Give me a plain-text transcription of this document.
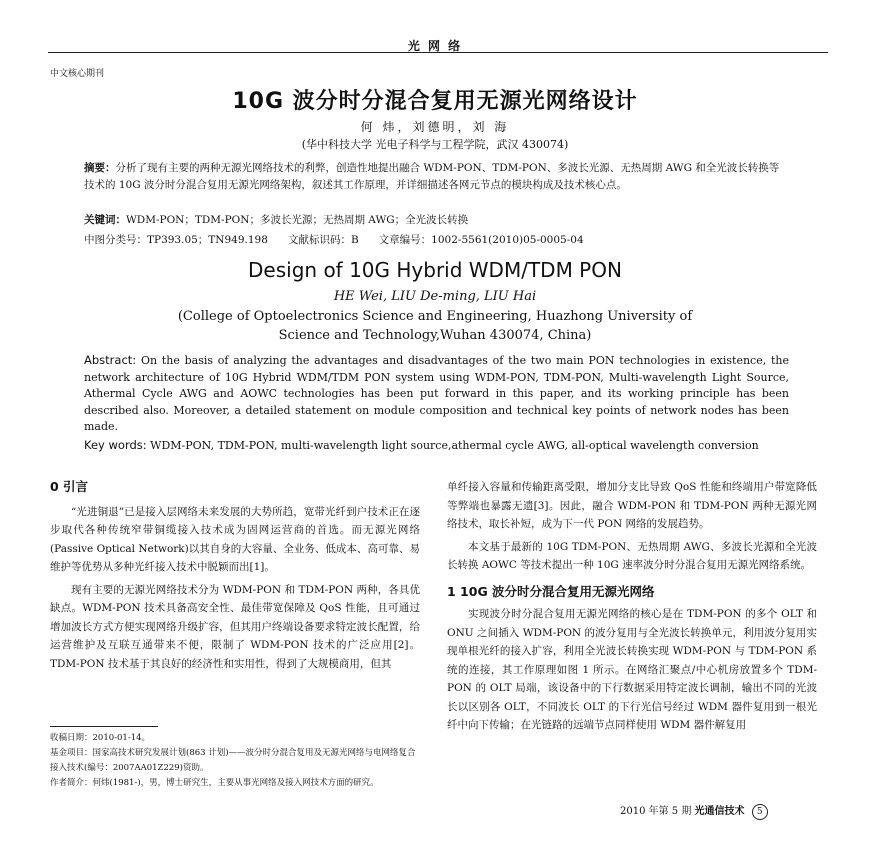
光 网 络
中文核心期刊
10G 波分时分混合复用无源光网络设计
何 炜，刘德明，刘 海
(华中科技大学 光电子科学与工程学院，武汉 430074)
摘要：分析了现有主要的两种无源光网络技术的利弊，创造性地提出融合 WDM-PON、TDM-PON、多波长光源、无热周期 AWG 和全光波长转换等技术的 10G 波分时分混合复用无源光网络架构，叙述其工作原理，并详细描述各网元节点的模块构成及技术核心点。
关键词：WDM-PON；TDM-PON；多波长光源；无热周期 AWG；全光波长转换
中图分类号：TP393.05；TN949.198      文献标识码：B      文章编号：1002-5561(2010)05-0005-04
Design of 10G Hybrid WDM/TDM PON
HE Wei, LIU De-ming, LIU Hai
(College of Optoelectronics Science and Engineering, Huazhong University of
Science and Technology,Wuhan 430074, China)
Abstract: On the basis of analyzing the advantages and disadvantages of the two main PON technologies in existence, the network architecture of 10G Hybrid WDM/TDM PON system using WDM-PON, TDM-PON, Multi-wavelength Light Source, Athermal Cycle AWG and AOWC technologies has been put forward in this paper, and its working principle has been described also. Moreover, a detailed statement on module composition and technical key points of network nodes has been made.
Key words: WDM-PON, TDM-PON, multi-wavelength light source,athermal cycle AWG, all-optical wavelength conversion
0 引言

“光进铜退”已是接入层网络未来发展的大势所趋，宽带光纤到户技术正在逐步取代各种传统窄带铜缆接入技术成为固网运营商的首选。而无源光网络(Passive Optical Network)以其自身的大容量、全业务、低成本、高可靠、易维护等优势从多种光纤接入技术中脱颖而出[1]。

现有主要的无源光网络技术分为 WDM-PON 和 TDM-PON 两种，各具优缺点。WDM-PON 技术具备高安全性、最佳带宽保障及 QoS 性能，且可通过增加波长方式方便实现网络升级扩容，但其用户终端设备要求特定波长配置，给运营维护及互联互通带来不便，限制了 WDM-PON 技术的广泛应用[2]。TDM-PON 技术基于其良好的经济性和实用性，得到了大规模商用，但其

单纤接入容量和传输距离受限，增加分支比导致 QoS 性能和终端用户带宽降低等弊端也暴露无遗[3]。因此，融合 WDM-PON 和 TDM-PON 两种无源光网络技术，取长补短，成为下一代 PON 网络的发展趋势。

本文基于最新的 10G TDM-PON、无热周期 AWG、多波长光源和全光波长转换 AOWC 等技术提出一种 10G 速率波分时分混合复用无源光网络系统。

1 10G 波分时分混合复用无源光网络

实现波分时分混合复用无源光网络的核心是在 TDM-PON 的多个 OLT 和 ONU 之间插入 WDM-PON 的波分复用与全光波长转换单元，利用波分复用实现单根光纤的接入扩容，利用全光波长转换实现 WDM-PON 与 TDM-PON 系统的连接，其工作原理如图 1 所示。在网络汇聚点/中心机房放置多个 TDM-PON 的 OLT 局端，该设备中的下行数据采用特定波长调制，输出不同的光波长以区别各 OLT，不同波长 OLT 的下行光信号经过 WDM 器件复用到一根光纤中向下传输；在光链路的远端节点同样使用 WDM 器件解复用

收稿日期：2010-01-14。
基金项目：国家高技术研究发展计划(863 计划)——波分时分混合复用及无源光网络与电网络复合接入技术(编号：2007AA01Z229)资助。
作者简介：何炜(1981-)，男，博士研究生，主要从事光网络及接入网技术方面的研究。
2010 年第 5 期 光通信技术 5
